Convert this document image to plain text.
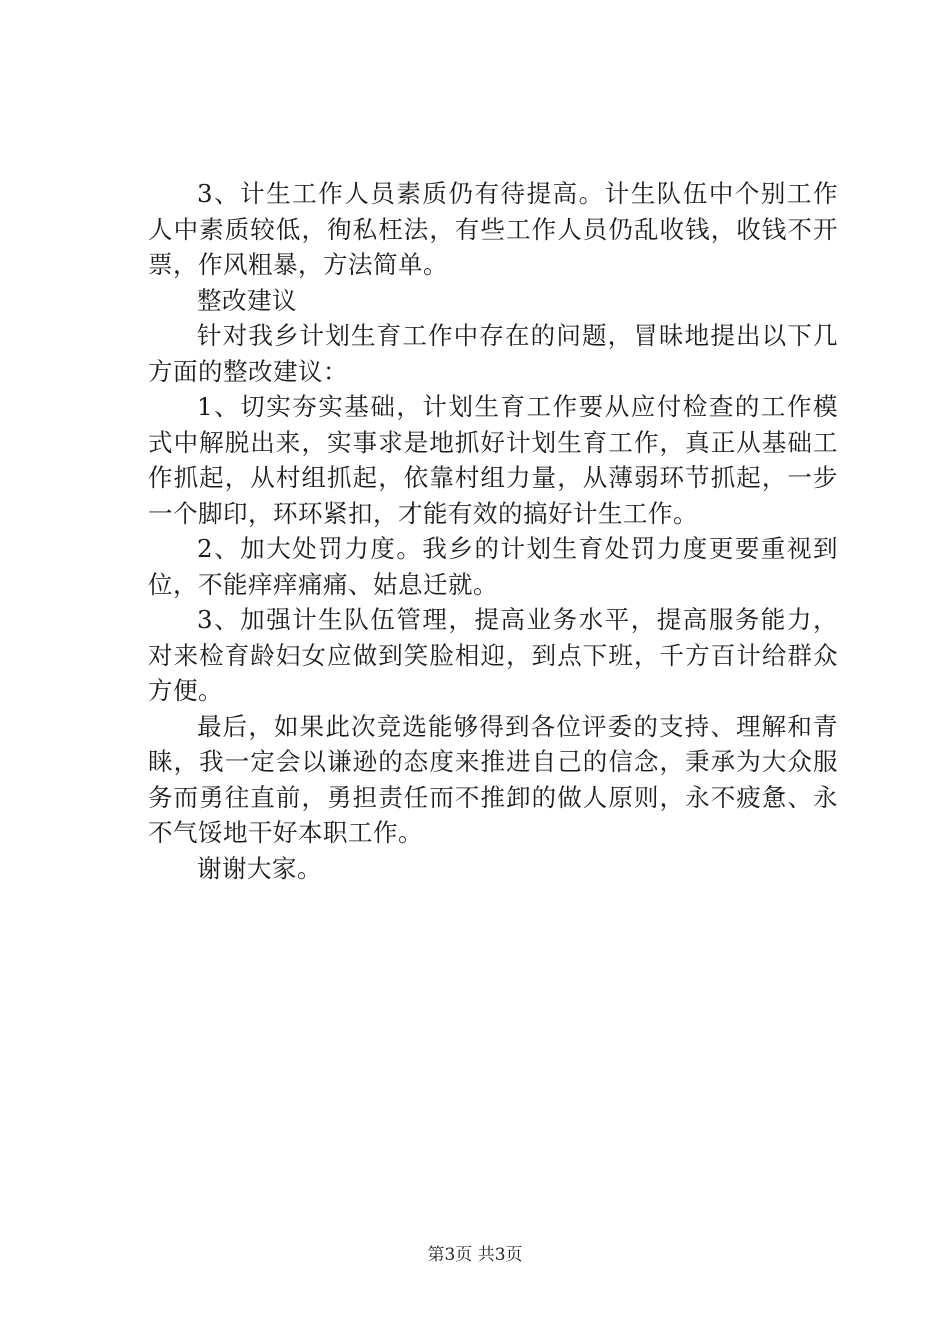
3、计生工作人员素质仍有待提高。计生队伍中个别工作人中素质较低，徇私枉法，有些工作人员仍乱收钱，收钱不开票，作风粗暴，方法简单。

整改建议

针对我乡计划生育工作中存在的问题，冒昧地提出以下几方面的整改建议：

1、切实夯实基础，计划生育工作要从应付检查的工作模式中解脱出来，实事求是地抓好计划生育工作，真正从基础工作抓起，从村组抓起，依靠村组力量，从薄弱环节抓起，一步一个脚印，环环紧扣，才能有效的搞好计生工作。

2、加大处罚力度。我乡的计划生育处罚力度更要重视到位，不能痒痒痛痛、姑息迁就。

3、加强计生队伍管理，提高业务水平，提高服务能力，对来检育龄妇女应做到笑脸相迎，到点下班，千方百计给群众方便。

最后，如果此次竞选能够得到各位评委的支持、理解和青睐，我一定会以谦逊的态度来推进自己的信念，秉承为大众服务而勇往直前，勇担责任而不推卸的做人原则，永不疲惫、永不气馁地干好本职工作。

谢谢大家。

第3页 共3页
